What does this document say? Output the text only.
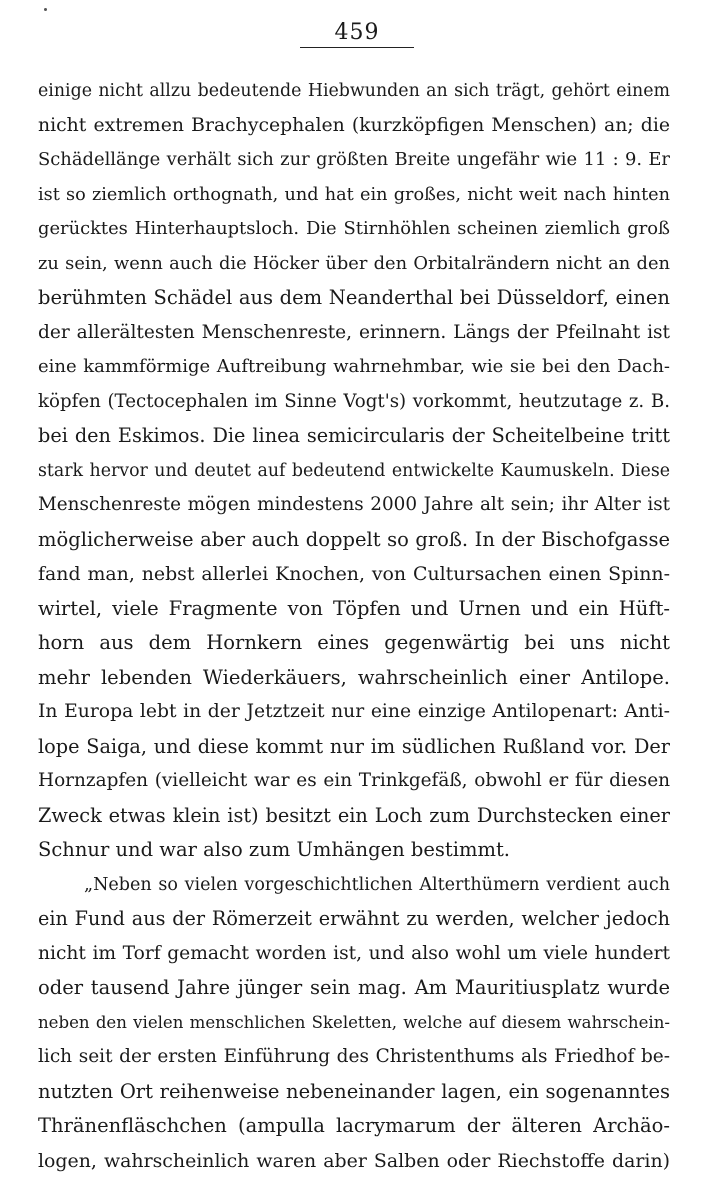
459
einige nicht allzu bedeutende Hiebwunden an sich trägt, gehört einem
nicht extremen Brachycephalen (kurzköpfigen Menschen) an; die
Schädellänge verhält sich zur größten Breite ungefähr wie 11 : 9. Er
ist so ziemlich orthognath, und hat ein großes, nicht weit nach hinten
gerücktes Hinterhauptsloch. Die Stirnhöhlen scheinen ziemlich groß
zu sein, wenn auch die Höcker über den Orbitalrändern nicht an den
berühmten Schädel aus dem Neanderthal bei Düsseldorf, einen
der allerältesten Menschenreste, erinnern. Längs der Pfeilnaht ist
eine kammförmige Auftreibung wahrnehmbar, wie sie bei den Dach-
köpfen (Tectocephalen im Sinne Vogt's) vorkommt, heutzutage z. B.
bei den Eskimos. Die linea semicircularis der Scheitelbeine tritt
stark hervor und deutet auf bedeutend entwickelte Kaumuskeln. Diese
Menschenreste mögen mindestens 2000 Jahre alt sein; ihr Alter ist
möglicherweise aber auch doppelt so groß. In der Bischofgasse
fand man, nebst allerlei Knochen, von Cultursachen einen Spinn-
wirtel, viele Fragmente von Töpfen und Urnen und ein Hüft-
horn aus dem Hornkern eines gegenwärtig bei uns nicht
mehr lebenden Wiederkäuers, wahrscheinlich einer Antilope.
In Europa lebt in der Jetztzeit nur eine einzige Antilopenart: Anti-
lope Saiga, und diese kommt nur im südlichen Rußland vor. Der
Hornzapfen (vielleicht war es ein Trinkgefäß, obwohl er für diesen
Zweck etwas klein ist) besitzt ein Loch zum Durchstecken einer
Schnur und war also zum Umhängen bestimmt.
„Neben so vielen vorgeschichtlichen Alterthümern verdient auch
ein Fund aus der Römerzeit erwähnt zu werden, welcher jedoch
nicht im Torf gemacht worden ist, und also wohl um viele hundert
oder tausend Jahre jünger sein mag. Am Mauritiusplatz wurde
neben den vielen menschlichen Skeletten, welche auf diesem wahrschein-
lich seit der ersten Einführung des Christenthums als Friedhof be-
nutzten Ort reihenweise nebeneinander lagen, ein sogenanntes
Thränenfläschchen (ampulla lacrymarum der älteren Archäo-
logen, wahrscheinlich waren aber Salben oder Riechstoffe darin)
